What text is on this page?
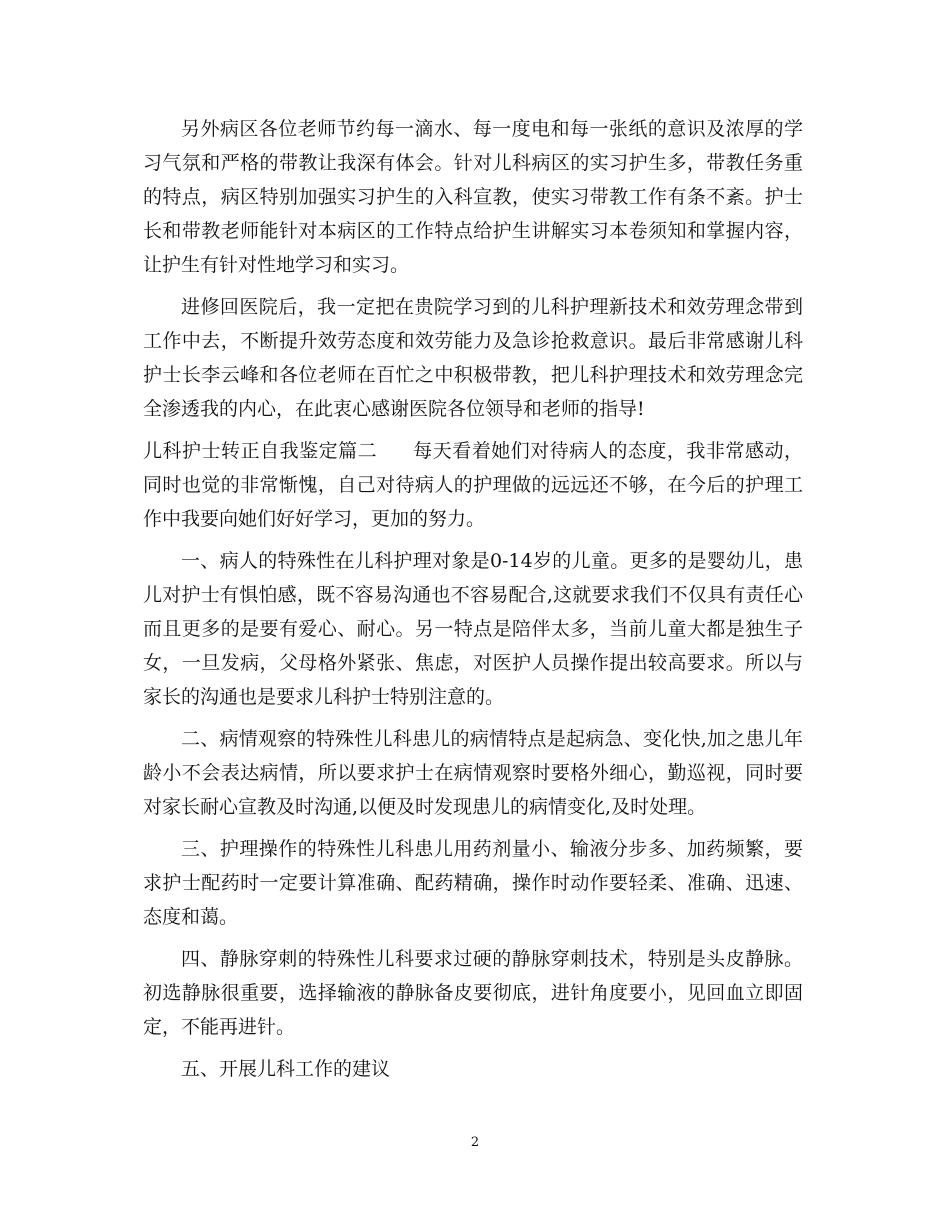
另外病区各位老师节约每一滴水、每一度电和每一张纸的意识及浓厚的学习气氛和严格的带教让我深有体会。针对儿科病区的实习护生多，带教任务重的特点，病区特别加强实习护生的入科宣教，使实习带教工作有条不紊。护士长和带教老师能针对本病区的工作特点给护生讲解实习本卷须知和掌握内容，让护生有针对性地学习和实习。

进修回医院后，我一定把在贵院学习到的儿科护理新技术和效劳理念带到工作中去，不断提升效劳态度和效劳能力及急诊抢救意识。最后非常感谢儿科护士长李云峰和各位老师在百忙之中积极带教，把儿科护理技术和效劳理念完全渗透我的内心，在此衷心感谢医院各位领导和老师的指导!

儿科护士转正自我鉴定篇二 每天看着她们对待病人的态度，我非常感动，同时也觉的非常惭愧，自己对待病人的护理做的远远还不够，在今后的护理工作中我要向她们好好学习，更加的努力。

一、病人的特殊性在儿科护理对象是0-14岁的儿童。更多的是婴幼儿，患儿对护士有惧怕感，既不容易沟通也不容易配合,这就要求我们不仅具有责任心而且更多的是要有爱心、耐心。另一特点是陪伴太多，当前儿童大都是独生子女，一旦发病，父母格外紧张、焦虑，对医护人员操作提出较高要求。所以与家长的沟通也是要求儿科护士特别注意的。

二、病情观察的特殊性儿科患儿的病情特点是起病急、变化快,加之患儿年龄小不会表达病情，所以要求护士在病情观察时要格外细心，勤巡视，同时要对家长耐心宣教及时沟通,以便及时发现患儿的病情变化,及时处理。

三、护理操作的特殊性儿科患儿用药剂量小、输液分步多、加药频繁，要求护士配药时一定要计算准确、配药精确，操作时动作要轻柔、准确、迅速、态度和蔼。

四、静脉穿刺的特殊性儿科要求过硬的静脉穿刺技术，特别是头皮静脉。初选静脉很重要，选择输液的静脉备皮要彻底，进针角度要小，见回血立即固定，不能再进针。

五、开展儿科工作的建议

2
